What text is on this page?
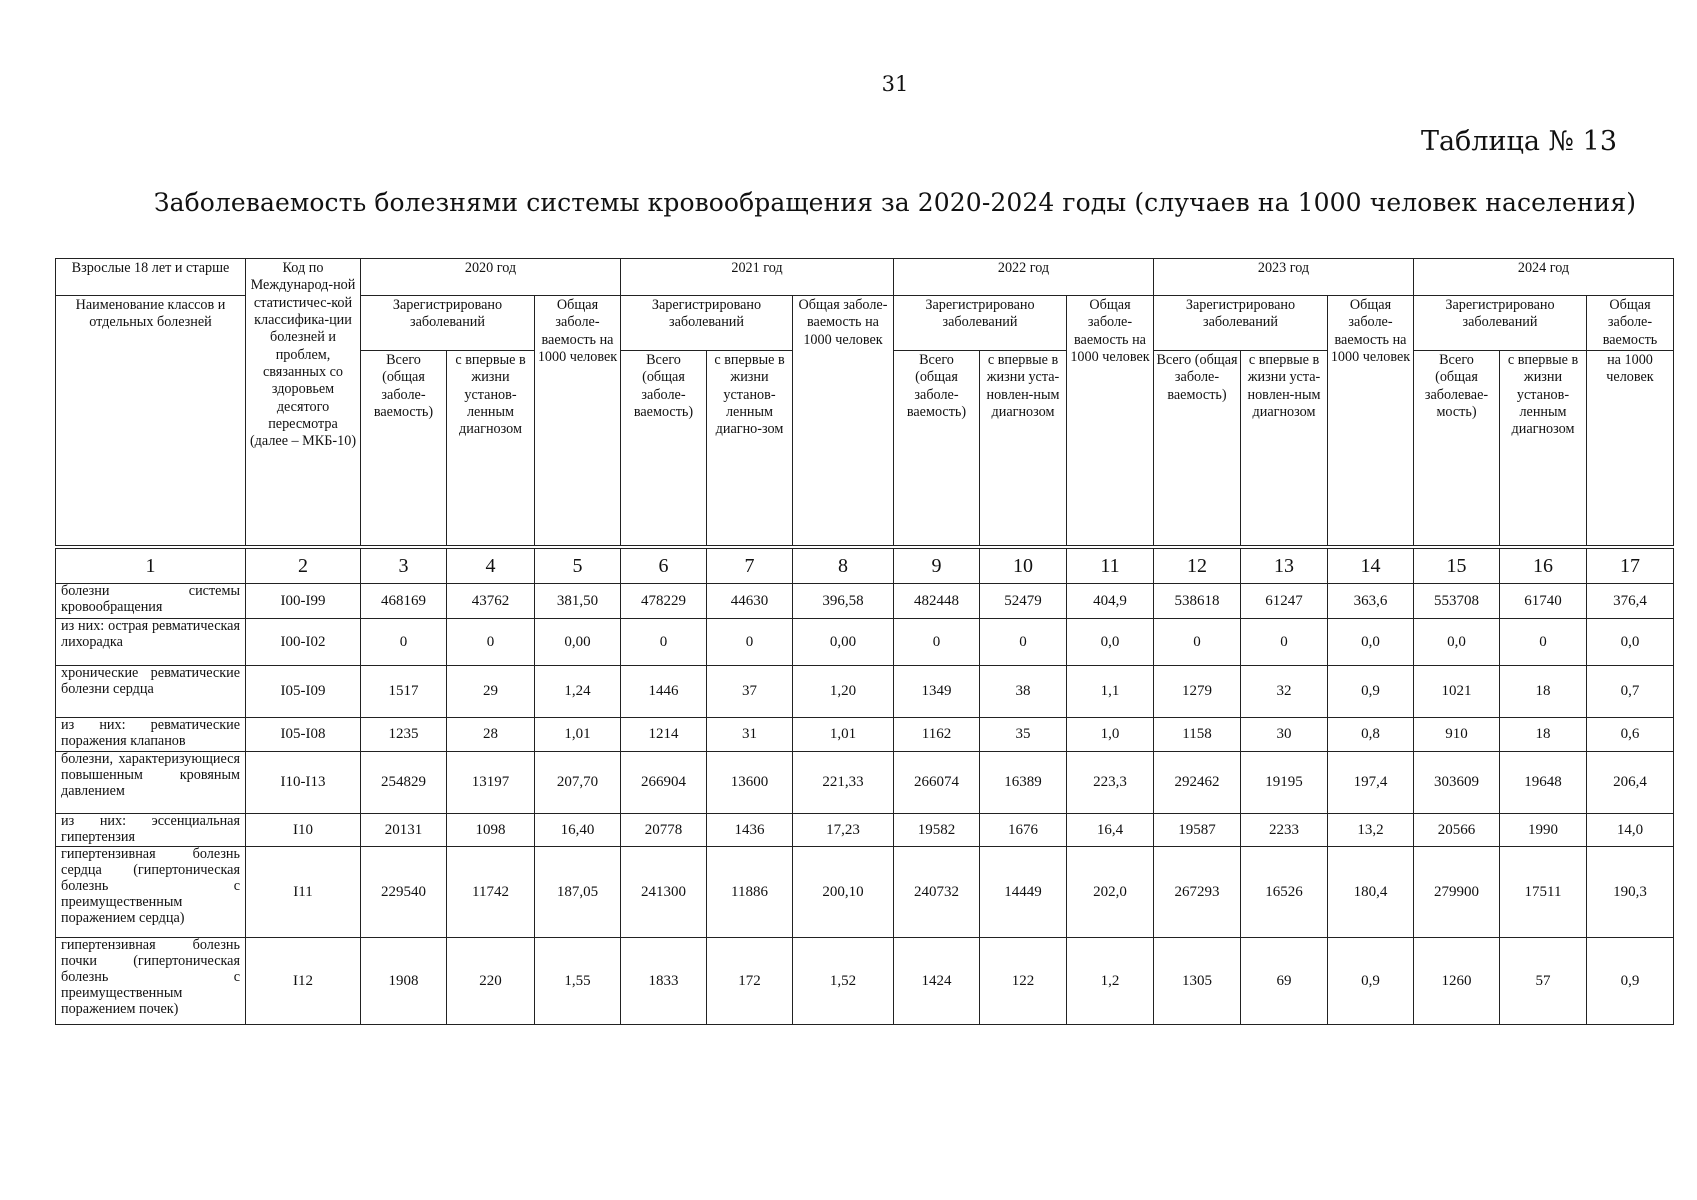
31
Таблица № 13
Заболеваемость болезнями системы кровообращения за 2020-2024 годы (случаев на 1000 человек населения)
Взрослые 18 лет и старше	Код по Международ-ной статистичес-кой классифика-ции болезней и проблем, связанных со здоровьем десятого пересмотра (далее – МКБ-10)	2020 год			2021 год			2022 год			2023 год			2024 год		
Наименование классов и отдельных болезней		Зарегистрировано заболеваний		Общая заболе-ваемость на 1000 человек	Зарегистрировано заболеваний		Общая заболе-ваемость на 1000 человек	Зарегистрировано заболеваний		Общая заболе-ваемость на 1000 человек	Зарегистрировано заболеваний		Общая заболе-ваемость на 1000 человек	Зарегистрировано заболеваний		Общая заболе-ваемость
		Всего (общая заболе-ваемость)	с впервые в жизни установ-ленным диагнозом		Всего (общая заболе-ваемость)	с впервые в жизни установ-ленным диагно-зом		Всего (общая заболе-ваемость)	с впервые в жизни уста-новлен-ным диагнозом		Всего (общая заболе-ваемость)	с впервые в жизни уста-новлен-ным диагнозом		Всего (общая заболевае-мость)	с впервые в жизни установ-ленным диагнозом	на 1000 человек
1	2	3	4	5	6	7	8	9	10	11	12	13	14	15	16	17
болезни системы кровообращения	I00-I99	468169	43762	381,50	478229	44630	396,58	482448	52479	404,9	538618	61247	363,6	553708	61740	376,4
из них: острая ревматическая лихорадка	I00-I02	0	0	0,00	0	0	0,00	0	0	0,0	0	0	0,0	0,0	0	0,0
хронические ревматические болезни сердца	I05-I09	1517	29	1,24	1446	37	1,20	1349	38	1,1	1279	32	0,9	1021	18	0,7
из них: ревматические поражения клапанов	I05-I08	1235	28	1,01	1214	31	1,01	1162	35	1,0	1158	30	0,8	910	18	0,6
болезни, характеризующиеся повышенным кровяным давлением	I10-I13	254829	13197	207,70	266904	13600	221,33	266074	16389	223,3	292462	19195	197,4	303609	19648	206,4
из них: эссенциальная гипертензия	I10	20131	1098	16,40	20778	1436	17,23	19582	1676	16,4	19587	2233	13,2	20566	1990	14,0
гипертензивная болезнь сердца (гипертоническая болезнь с преимущественным поражением сердца)	I11	229540	11742	187,05	241300	11886	200,10	240732	14449	202,0	267293	16526	180,4	279900	17511	190,3
гипертензивная болезнь почки (гипертоническая болезнь с преимущественным поражением почек)	I12	1908	220	1,55	1833	172	1,52	1424	122	1,2	1305	69	0,9	1260	57	0,9
